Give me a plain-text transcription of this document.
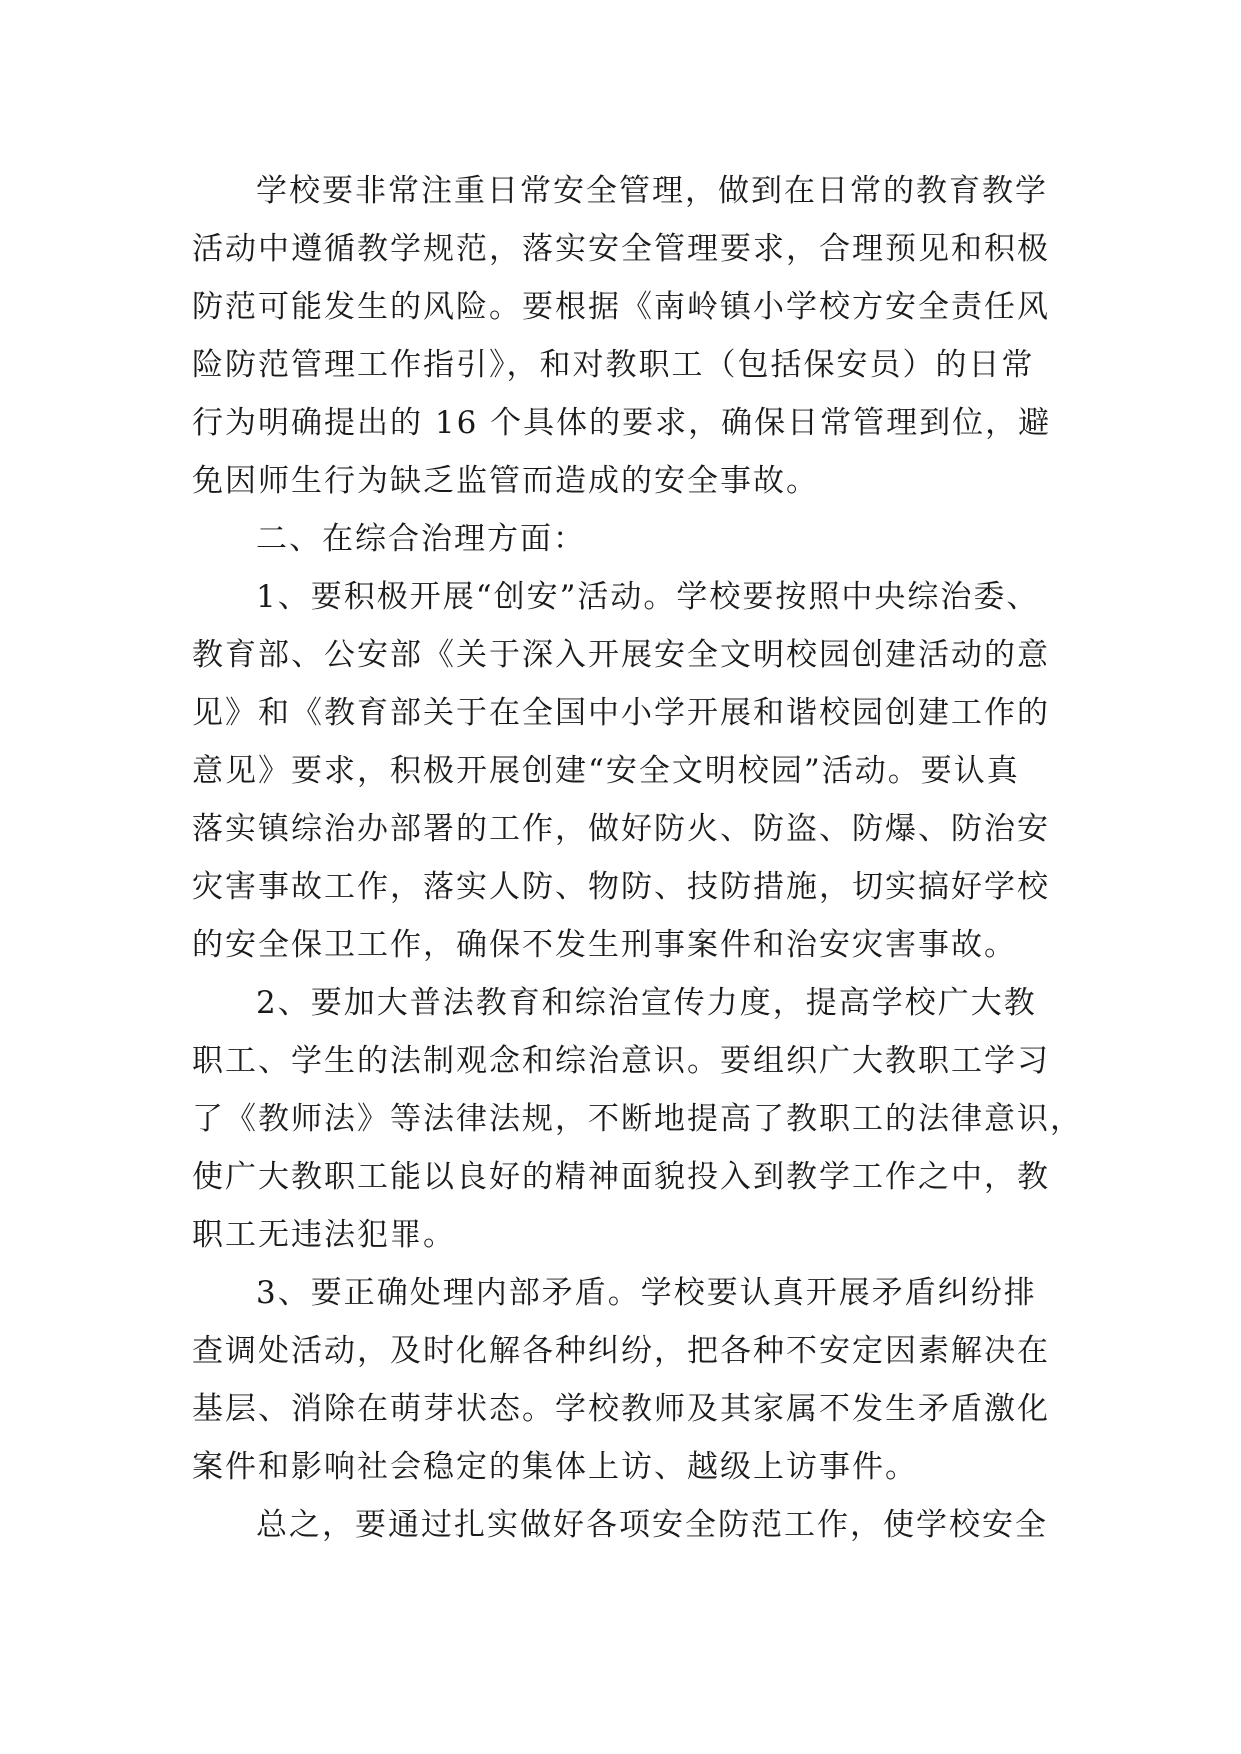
学校要非常注重日常安全管理，做到在日常的教育教学
活动中遵循教学规范，落实安全管理要求，合理预见和积极
防范可能发生的风险。要根据《南岭镇小学校方安全责任风
险防范管理工作指引》，和对教职工（包括保安员）的日常
行为明确提出的 16 个具体的要求，确保日常管理到位，避
免因师生行为缺乏监管而造成的安全事故。
二、在综合治理方面：
1、要积极开展“创安”活动。学校要按照中央综治委、
教育部、公安部《关于深入开展安全文明校园创建活动的意
见》和《教育部关于在全国中小学开展和谐校园创建工作的
意见》要求，积极开展创建“安全文明校园”活动。要认真
落实镇综治办部署的工作，做好防火、防盗、防爆、防治安
灾害事故工作，落实人防、物防、技防措施，切实搞好学校
的安全保卫工作，确保不发生刑事案件和治安灾害事故。
2、要加大普法教育和综治宣传力度，提高学校广大教
职工、学生的法制观念和综治意识。要组织广大教职工学习
了《教师法》等法律法规，不断地提高了教职工的法律意识，
使广大教职工能以良好的精神面貌投入到教学工作之中，教
职工无违法犯罪。
3、要正确处理内部矛盾。学校要认真开展矛盾纠纷排
查调处活动，及时化解各种纠纷，把各种不安定因素解决在
基层、消除在萌芽状态。学校教师及其家属不发生矛盾激化
案件和影响社会稳定的集体上访、越级上访事件。
总之，要通过扎实做好各项安全防范工作，使学校安全
